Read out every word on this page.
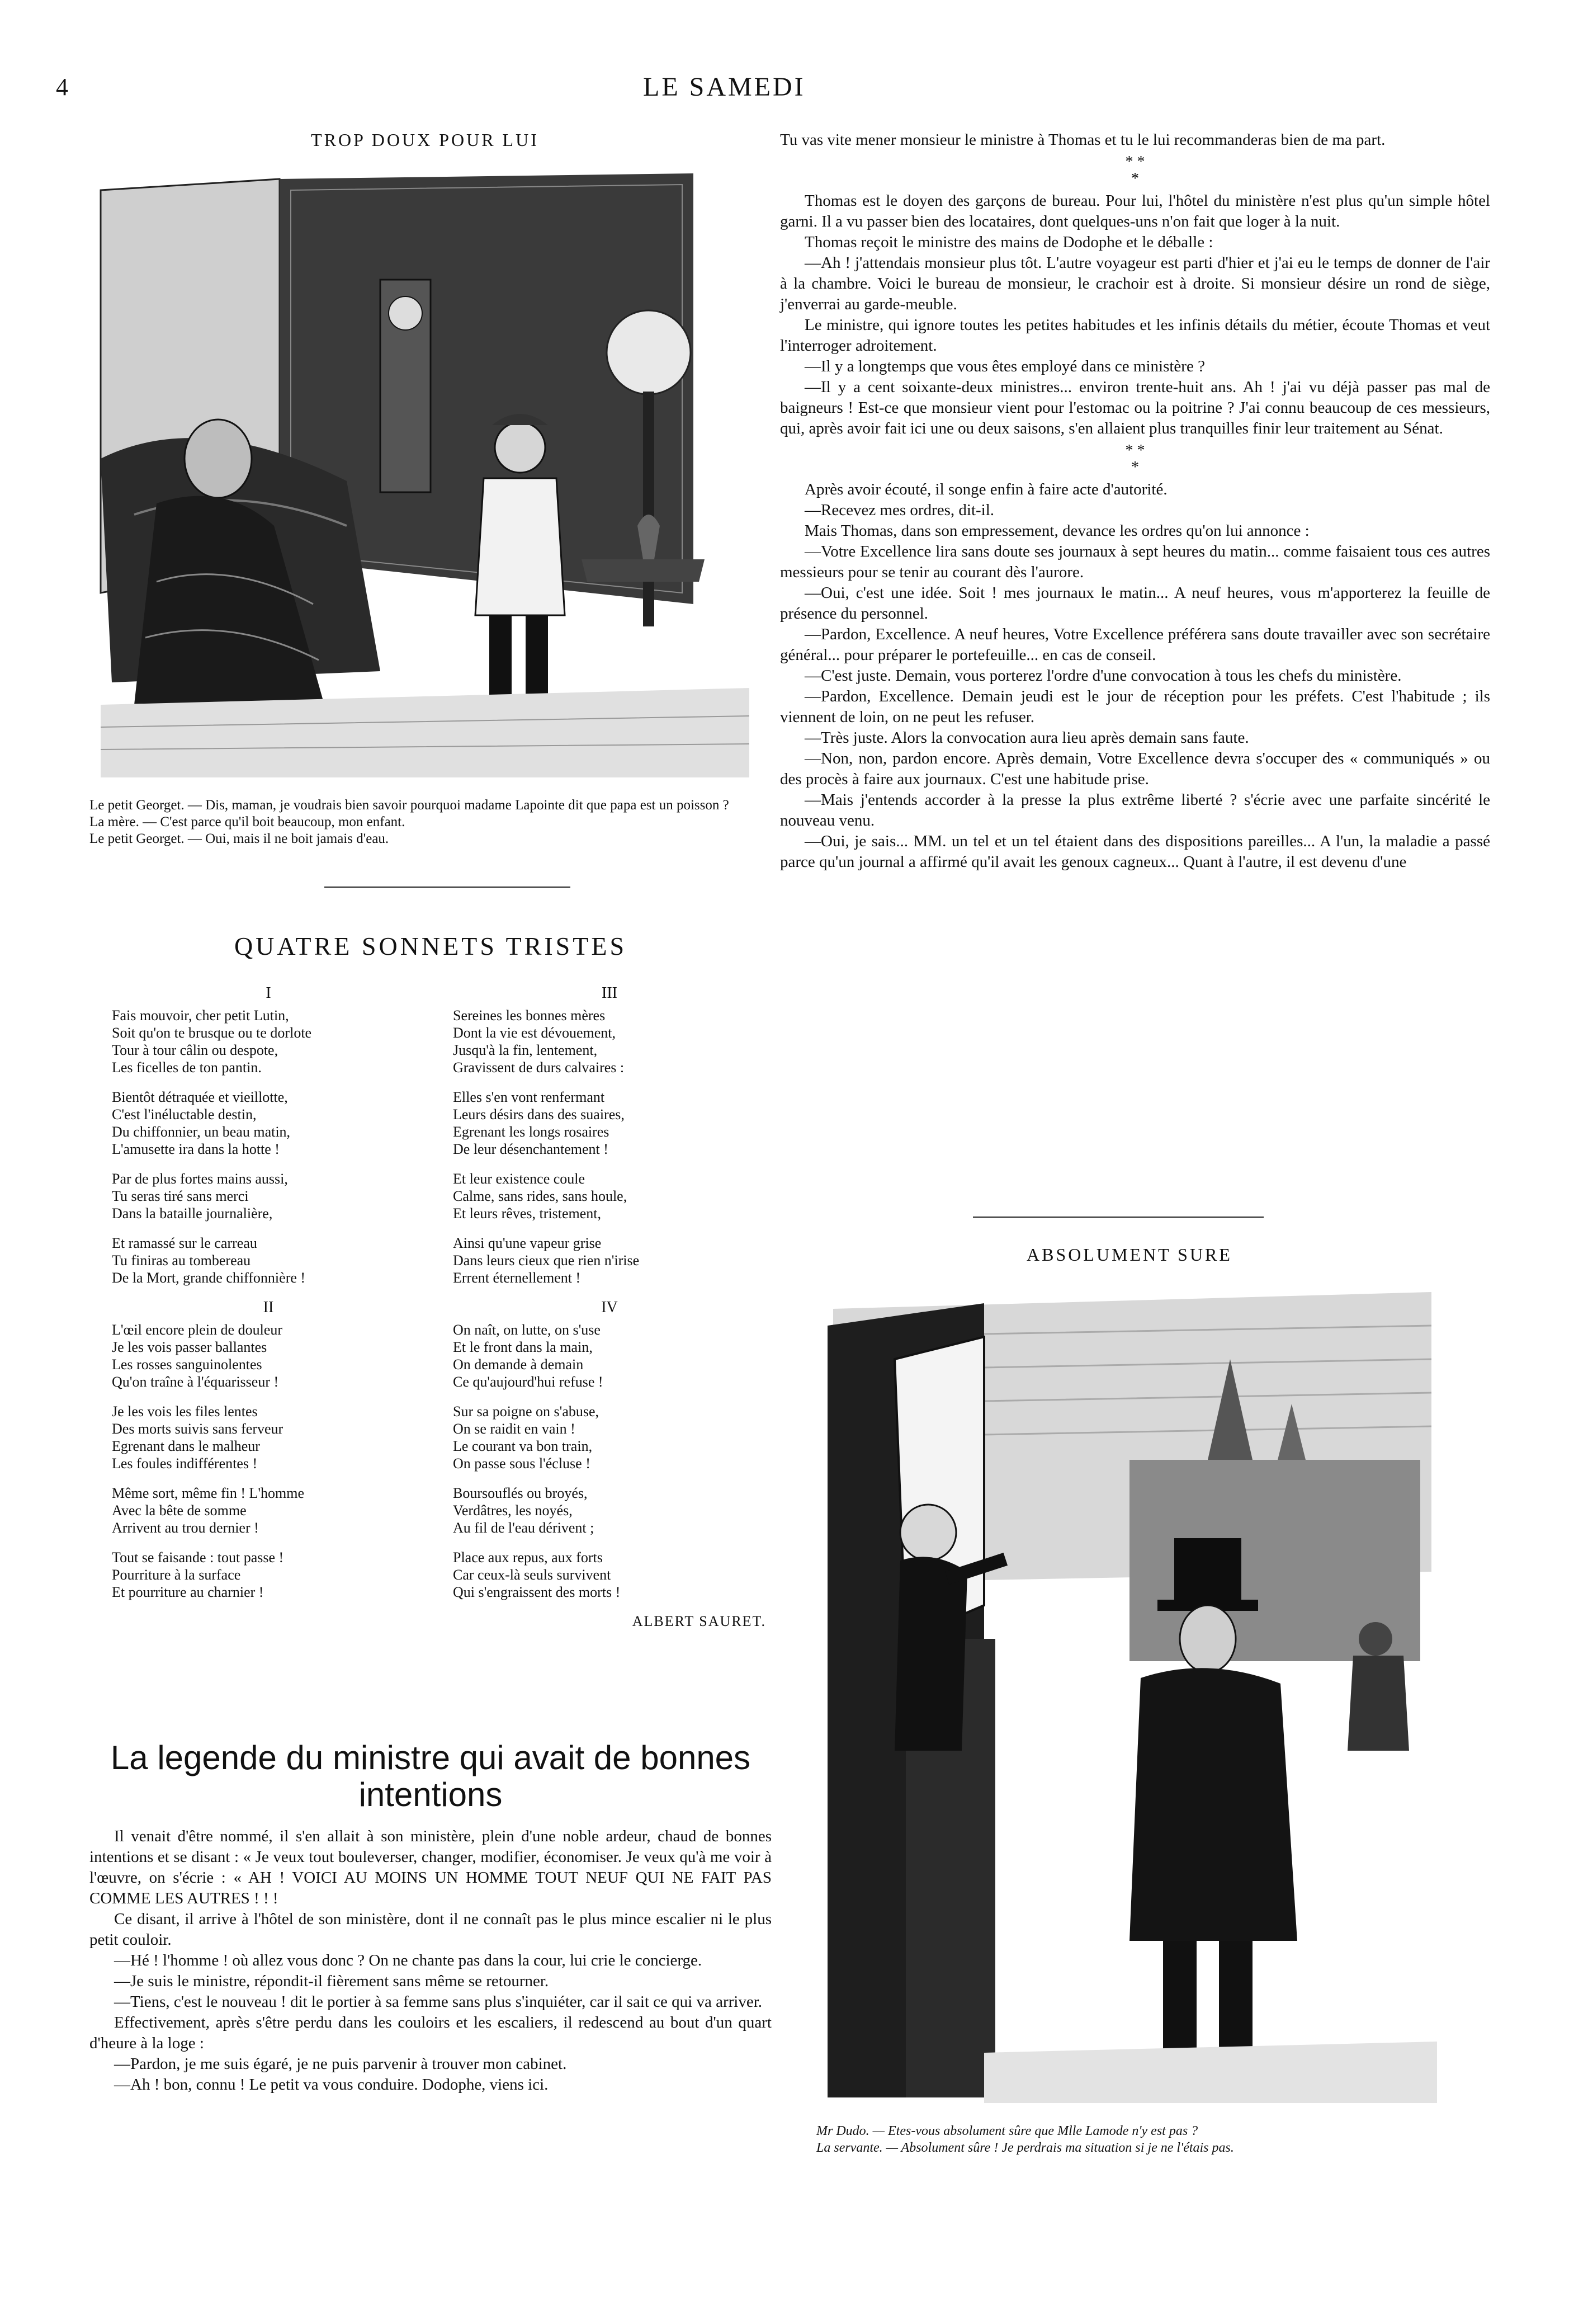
4	LE SAMEDI
TROP DOUX POUR LUI

Le petit Georget. — Dis, maman, je voudrais bien savoir pourquoi madame Lapointe dit que papa est un poisson ?

La mère. — C'est parce qu'il boit beaucoup, mon enfant.

Le petit Georget. — Oui, mais il ne boit jamais d'eau.

QUATRE SONNETS TRISTES

I

Fais mouvoir, cher petit Lutin,
Soit qu'on te brusque ou te dorlote
Tour à tour câlin ou despote,
Les ficelles de ton pantin.

Bientôt détraquée et vieillotte,
C'est l'inéluctable destin,
Du chiffonnier, un beau matin,
L'amusette ira dans la hotte !

Par de plus fortes mains aussi,
Tu seras tiré sans merci
Dans la bataille journalière,

Et ramassé sur le carreau
Tu finiras au tombereau
De la Mort, grande chiffonnière !

II

L'œil encore plein de douleur
Je les vois passer ballantes
Les rosses sanguinolentes
Qu'on traîne à l'équarisseur !

Je les vois les files lentes
Des morts suivis sans ferveur
Egrenant dans le malheur
Les foules indifférentes !

Même sort, même fin ! L'homme
Avec la bête de somme
Arrivent au trou dernier !

Tout se faisande : tout passe !
Pourriture à la surface
Et pourriture au charnier !

III

Sereines les bonnes mères
Dont la vie est dévouement,
Jusqu'à la fin, lentement,
Gravissent de durs calvaires :

Elles s'en vont renfermant
Leurs désirs dans des suaires,
Egrenant les longs rosaires
De leur désenchantement !

Et leur existence coule
Calme, sans rides, sans houle,
Et leurs rêves, tristement,

Ainsi qu'une vapeur grise
Dans leurs cieux que rien n'irise
Errent éternellement !

IV

On naît, on lutte, on s'use
Et le front dans la main,
On demande à demain
Ce qu'aujourd'hui refuse !

Sur sa poigne on s'abuse,
On se raidit en vain !
Le courant va bon train,
On passe sous l'écluse !

Boursouflés ou broyés,
Verdâtres, les noyés,
Au fil de l'eau dérivent ;

Place aux repus, aux forts
Car ceux-là seuls survivent
Qui s'engraissent des morts !

ALBERT SAURET.
La legende du ministre qui avait de bonnes
intentions

Il venait d'être nommé, il s'en allait à son ministère, plein d'une noble ardeur, chaud de bonnes intentions et se disant : « Je veux tout bouleverser, changer, modifier, économiser. Je veux qu'à me voir à l'œuvre, on s'écrie : « AH ! VOICI AU MOINS UN HOMME TOUT NEUF QUI NE FAIT PAS COMME LES AUTRES ! ! !

Ce disant, il arrive à l'hôtel de son ministère, dont il ne connaît pas le plus mince escalier ni le plus petit couloir.

—Hé ! l'homme ! où allez vous donc ? On ne chante pas dans la cour, lui crie le concierge.

—Je suis le ministre, répondit-il fièrement sans même se retourner.

—Tiens, c'est le nouveau ! dit le portier à sa femme sans plus s'inquiéter, car il sait ce qui va arriver.

Effectivement, après s'être perdu dans les couloirs et les escaliers, il redescend au bout d'un quart d'heure à la loge :

—Pardon, je me suis égaré, je ne puis parvenir à trouver mon cabinet.

—Ah ! bon, connu ! Le petit va vous conduire. Dodophe, viens ici.

Tu vas vite mener monsieur le ministre à Thomas et tu le lui recommanderas bien de ma part.

* *
*

Thomas est le doyen des garçons de bureau. Pour lui, l'hôtel du ministère n'est plus qu'un simple hôtel garni. Il a vu passer bien des locataires, dont quelques-uns n'on fait que loger à la nuit.

Thomas reçoit le ministre des mains de Dodophe et le déballe :

—Ah ! j'attendais monsieur plus tôt. L'autre voyageur est parti d'hier et j'ai eu le temps de donner de l'air à la chambre. Voici le bureau de monsieur, le crachoir est à droite. Si monsieur désire un rond de siège, j'enverrai au garde-meuble.

Le ministre, qui ignore toutes les petites habitudes et les infinis détails du métier, écoute Thomas et veut l'interroger adroitement.

—Il y a longtemps que vous êtes employé dans ce ministère ?

—Il y a cent soixante-deux ministres... environ trente-huit ans. Ah ! j'ai vu déjà passer pas mal de baigneurs ! Est-ce que monsieur vient pour l'estomac ou la poitrine ? J'ai connu beaucoup de ces messieurs, qui, après avoir fait ici une ou deux saisons, s'en allaient plus tranquilles finir leur traitement au Sénat.

* *
*

Après avoir écouté, il songe enfin à faire acte d'autorité.

—Recevez mes ordres, dit-il.

Mais Thomas, dans son empressement, devance les ordres qu'on lui annonce :

—Votre Excellence lira sans doute ses journaux à sept heures du matin... comme faisaient tous ces autres messieurs pour se tenir au courant dès l'aurore.

—Oui, c'est une idée. Soit ! mes journaux le matin... A neuf heures, vous m'apporterez la feuille de présence du personnel.

—Pardon, Excellence. A neuf heures, Votre Excellence préférera sans doute travailler avec son secrétaire général... pour préparer le portefeuille... en cas de conseil.

—C'est juste. Demain, vous porterez l'ordre d'une convocation à tous les chefs du ministère.

—Pardon, Excellence. Demain jeudi est le jour de réception pour les préfets. C'est l'habitude ; ils viennent de loin, on ne peut les refuser.

—Très juste. Alors la convocation aura lieu après demain sans faute.

—Non, non, pardon encore. Après demain, Votre Excellence devra s'occuper des « communiqués » ou des procès à faire aux journaux. C'est une habitude prise.

—Mais j'entends accorder à la presse la plus extrême liberté ? s'écrie avec une parfaite sincérité le nouveau venu.

—Oui, je sais... MM. un tel et un tel étaient dans des dispositions pareilles... A l'un, la maladie a passé parce qu'un journal a affirmé qu'il avait les genoux cagneux... Quant à l'autre, il est devenu d'une

ABSOLUMENT SURE

Mr Dudo. — Etes-vous absolument sûre que Mlle Lamode n'y est pas ?

La servante. — Absolument sûre ! Je perdrais ma situation si je ne l'étais pas.
